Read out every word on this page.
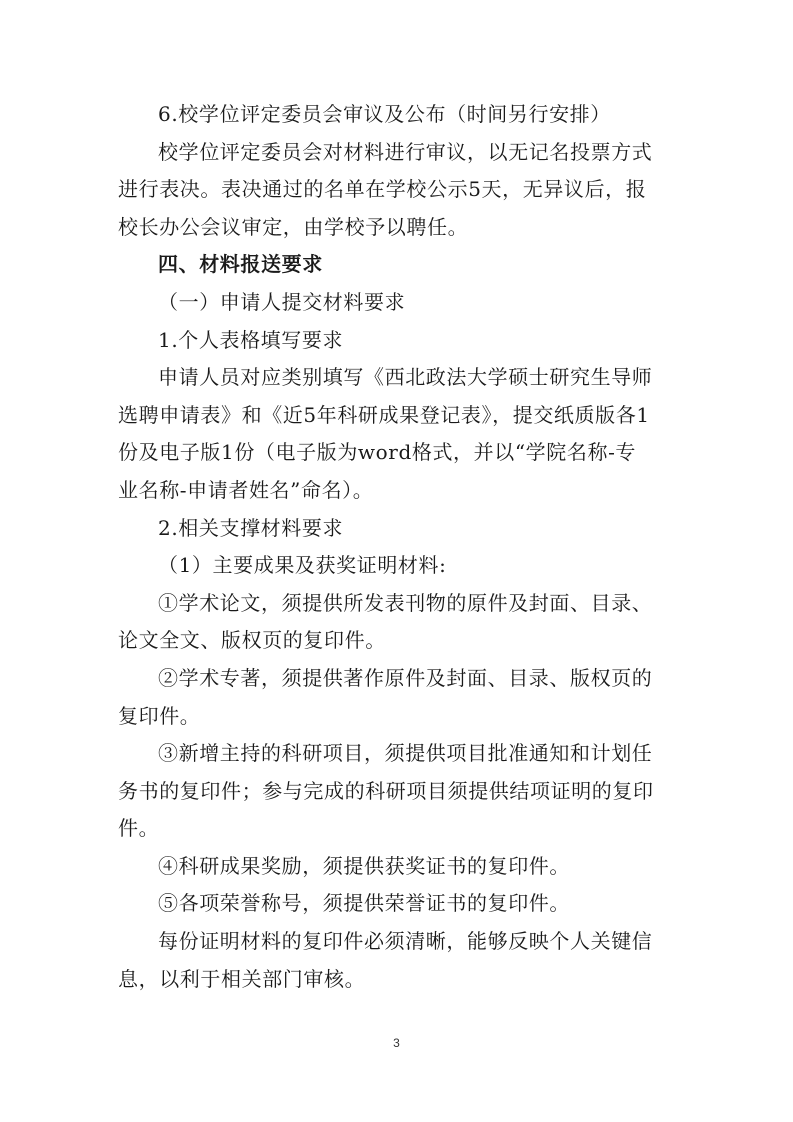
6.校学位评定委员会审议及公布（时间另行安排）
校学位评定委员会对材料进行审议，以无记名投票方式
进行表决。表决通过的名单在学校公示5天，无异议后，报
校长办公会议审定，由学校予以聘任。
四、材料报送要求
（一）申请人提交材料要求
1.个人表格填写要求
申请人员对应类别填写《西北政法大学硕士研究生导师
选聘申请表》和《近5年科研成果登记表》，提交纸质版各1
份及电子版1份（电子版为word格式，并以“学院名称-专
业名称-申请者姓名”命名）。
2.相关支撑材料要求
（1）主要成果及获奖证明材料:
①学术论文，须提供所发表刊物的原件及封面、目录、
论文全文、版权页的复印件。
②学术专著，须提供著作原件及封面、目录、版权页的
复印件。
③新增主持的科研项目，须提供项目批准通知和计划任
务书的复印件；参与完成的科研项目须提供结项证明的复印
件。
④科研成果奖励，须提供获奖证书的复印件。
⑤各项荣誉称号，须提供荣誉证书的复印件。
每份证明材料的复印件必须清晰，能够反映个人关键信
息，以利于相关部门审核。
3
